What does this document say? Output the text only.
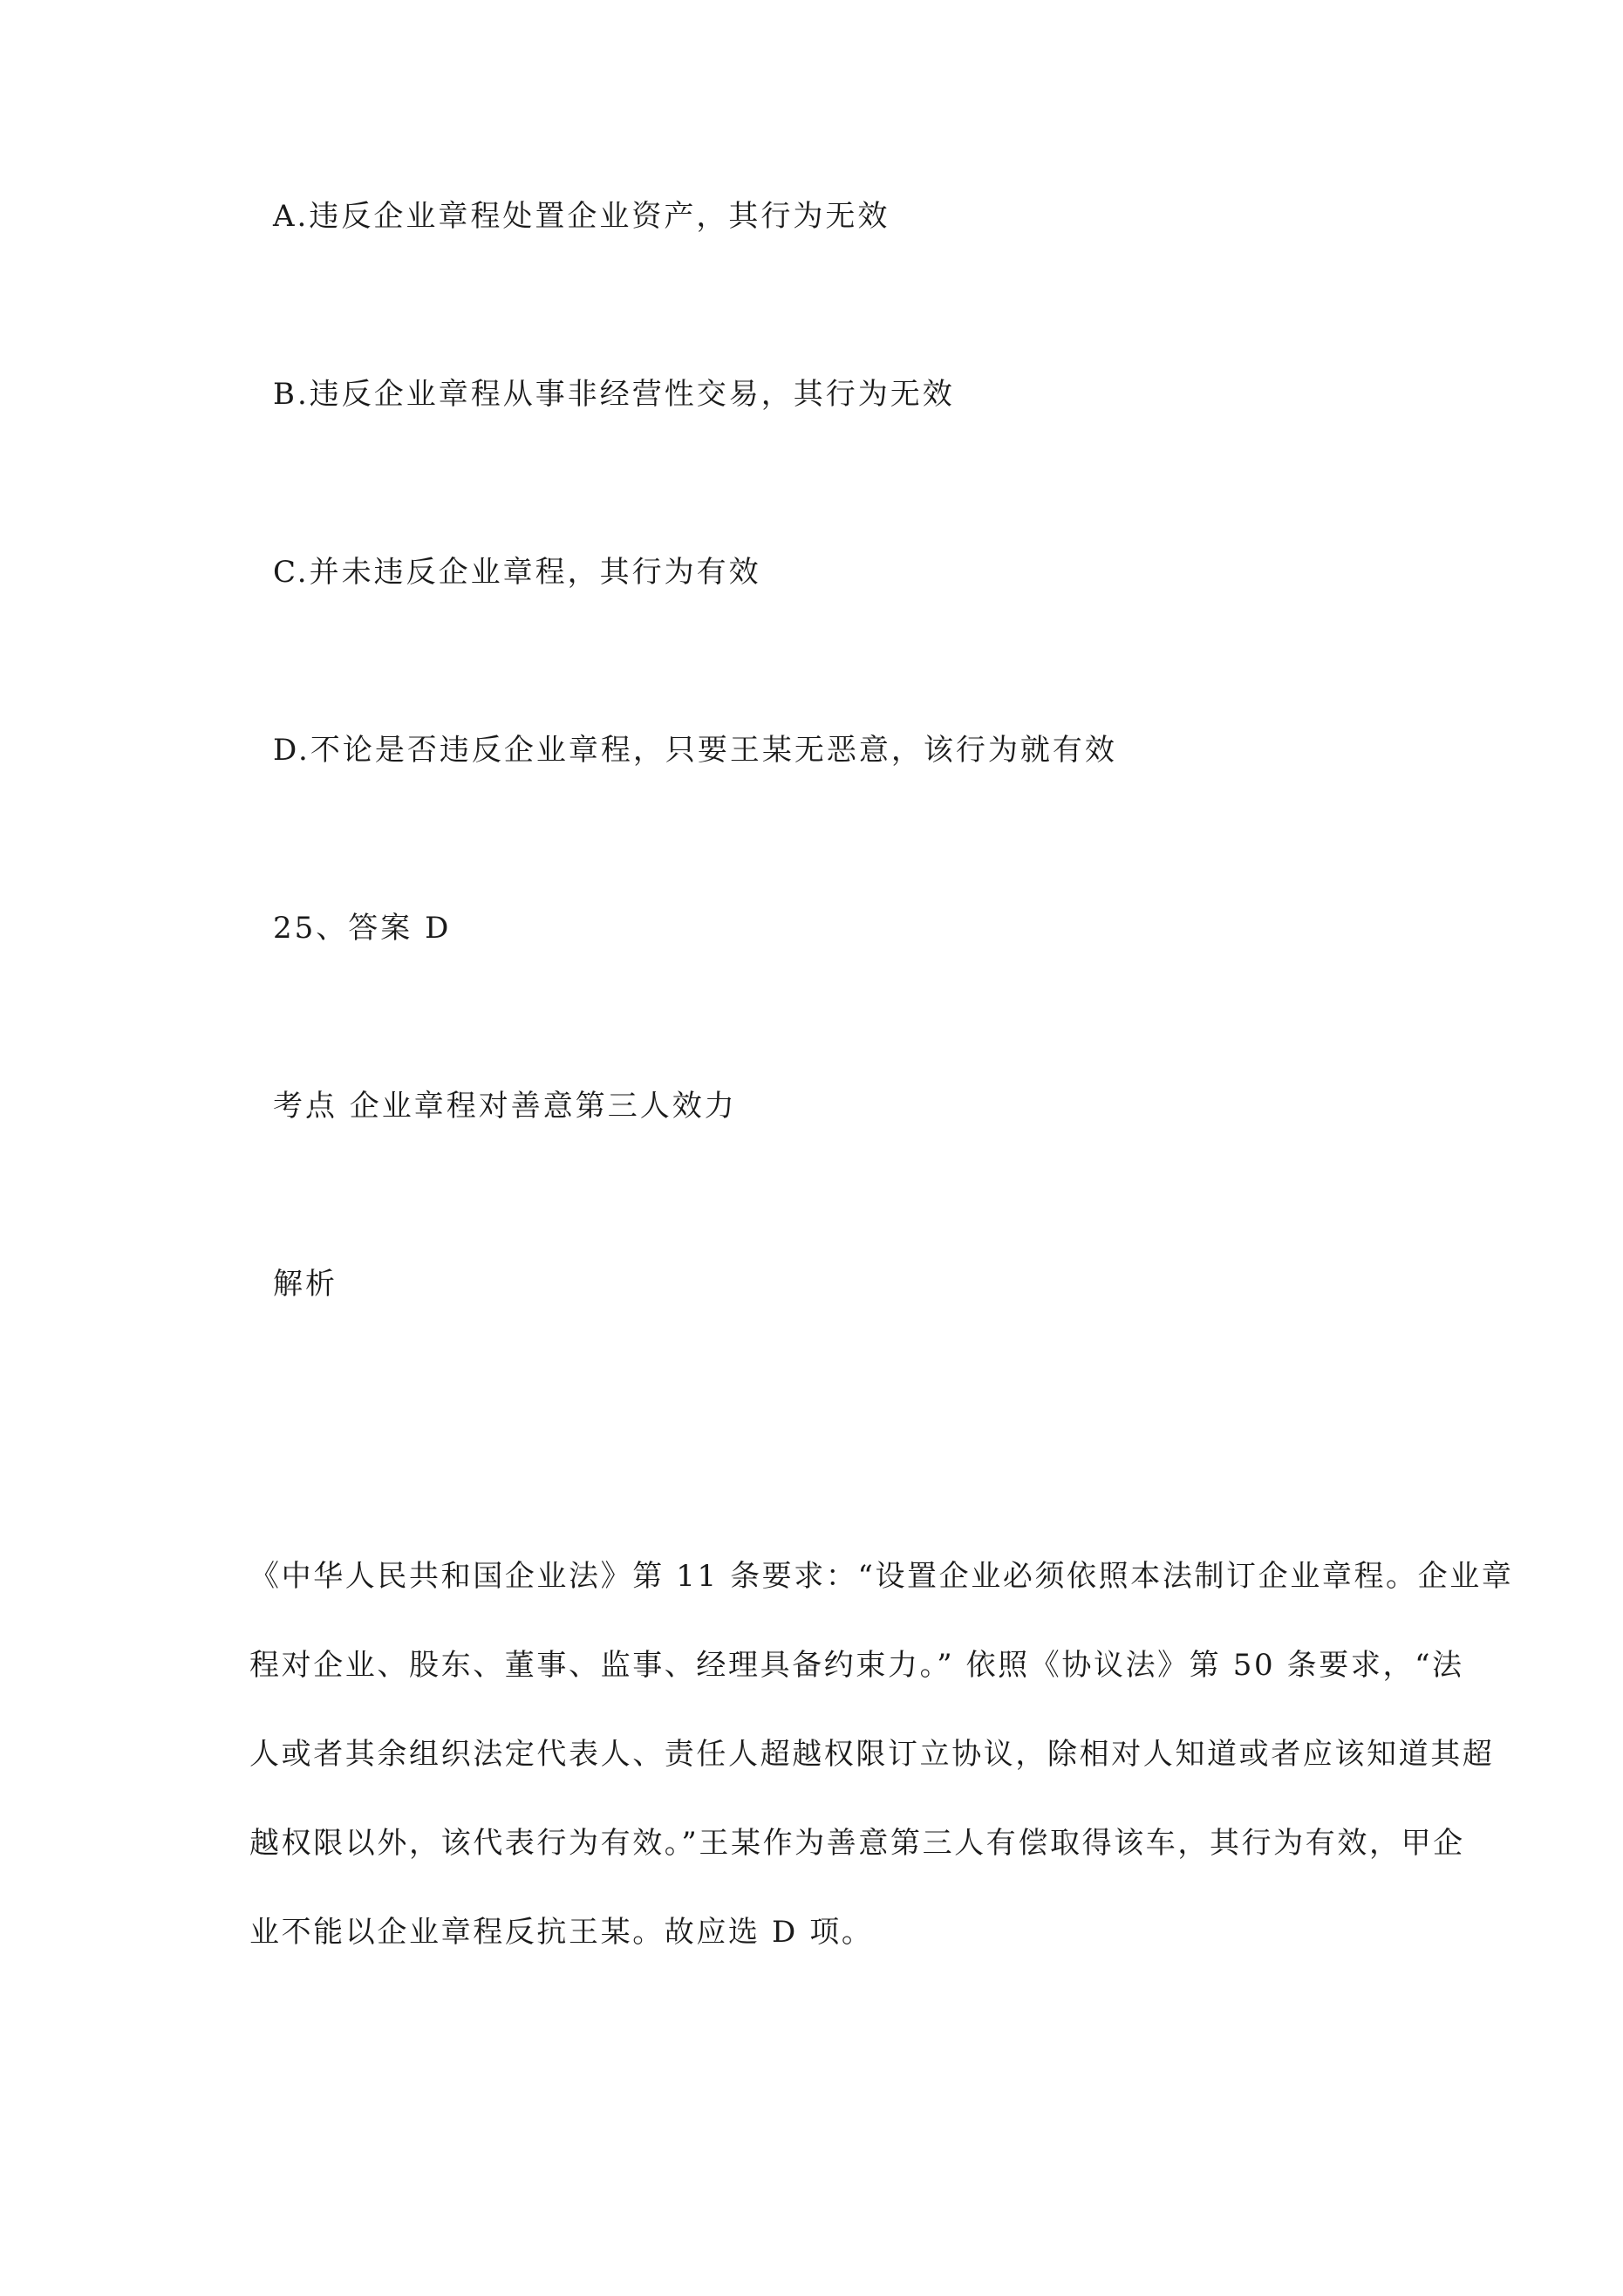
A.违反企业章程处置企业资产，其行为无效
B.违反企业章程从事非经营性交易，其行为无效
C.并未违反企业章程，其行为有效
D.不论是否违反企业章程，只要王某无恶意，该行为就有效
25、答案 D
考点 企业章程对善意第三人效力
解析
《中华人民共和国企业法》第 11 条要求：“设置企业必须依照本法制订企业章程。企业章
程对企业、股东、董事、监事、经理具备约束力。” 依照《协议法》第 50 条要求，“法
人或者其余组织法定代表人、责任人超越权限订立协议，除相对人知道或者应该知道其超
越权限以外，该代表行为有效。”王某作为善意第三人有偿取得该车，其行为有效，甲企
业不能以企业章程反抗王某。故应选 D 项。
